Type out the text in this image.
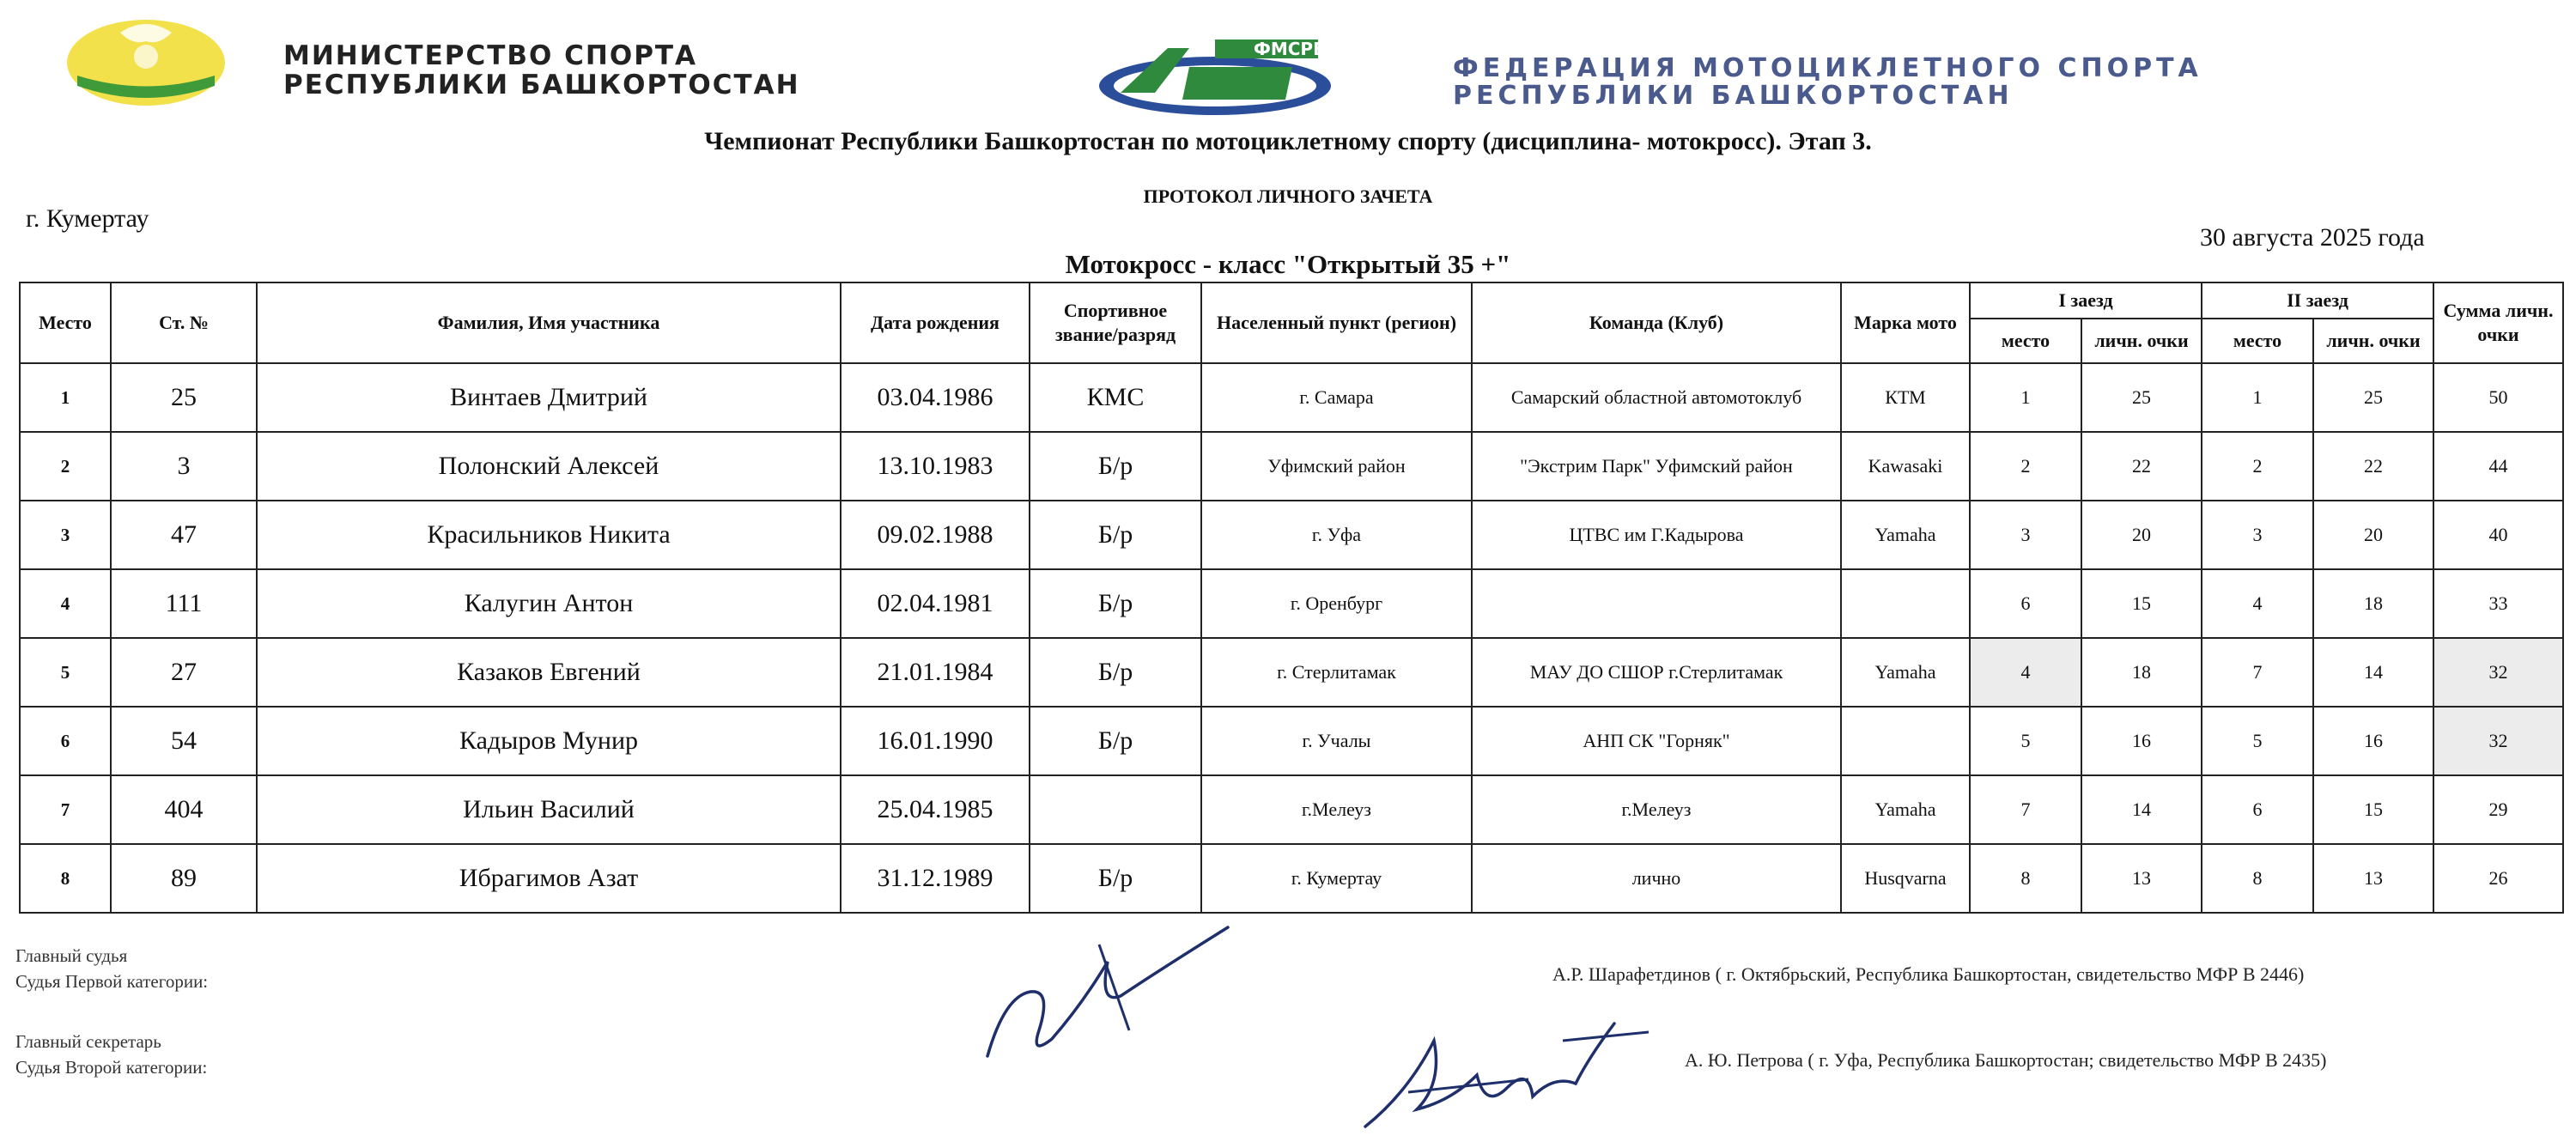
МИНИСТЕРСТВО СПОРТА
РЕСПУБЛИКИ БАШКОРТОСТАН
ФМСРБ
ФЕДЕРАЦИЯ МОТОЦИКЛЕТНОГО СПОРТА
РЕСПУБЛИКИ БАШКОРТОСТАН
Чемпионат Республики Башкортостан по мотоциклетному спорту (дисциплина- мотокросс). Этап 3.
ПРОТОКОЛ ЛИЧНОГО ЗАЧЕТА
г. Кумертау
30 августа 2025 года
Мотокросс - класс "Открытый 35 +"
Место	Ст. №	Фамилия, Имя участника	Дата рождения	Спортивное звание/разряд	Населенный пункт (регион)	Команда (Клуб)	Марка мото	I заезд		II заезд		Сумма личн. очки
								место	личн. очки	место	личн. очки	
1	25	Винтаев Дмитрий	03.04.1986	КМС	г. Самара	Самарский областной автомотоклуб	КТМ	1	25	1	25	50
2	3	Полонский Алексей	13.10.1983	Б/р	Уфимский район	"Экстрим Парк" Уфимский район	Kawasaki	2	22	2	22	44
3	47	Красильников Никита	09.02.1988	Б/р	г. Уфа	ЦТВС им Г.Кадырова	Yamaha	3	20	3	20	40
4	111	Калугин Антон	02.04.1981	Б/р	г. Оренбург			6	15	4	18	33
5	27	Казаков Евгений	21.01.1984	Б/р	г. Стерлитамак	МАУ ДО СШОР г.Стерлитамак	Yamaha	4	18	7	14	32
6	54	Кадыров Мунир	16.01.1990	Б/р	г. Учалы	АНП СК "Горняк"		5	16	5	16	32
7	404	Ильин Василий	25.04.1985		г.Мелеуз	г.Мелеуз	Yamaha	7	14	6	15	29
8	89	Ибрагимов Азат	31.12.1989	Б/р	г. Кумертау	лично	Husqvarna	8	13	8	13	26
Главный судья
Судья Первой категории:	А.Р. Шарафетдинов ( г. Октябрьский, Республика Башкортостан, свидетельство МФР В 2446)
Главный секретарь
Судья Второй категории:	А. Ю. Петрова ( г. Уфа, Республика Башкортостан; свидетельство МФР В 2435)
